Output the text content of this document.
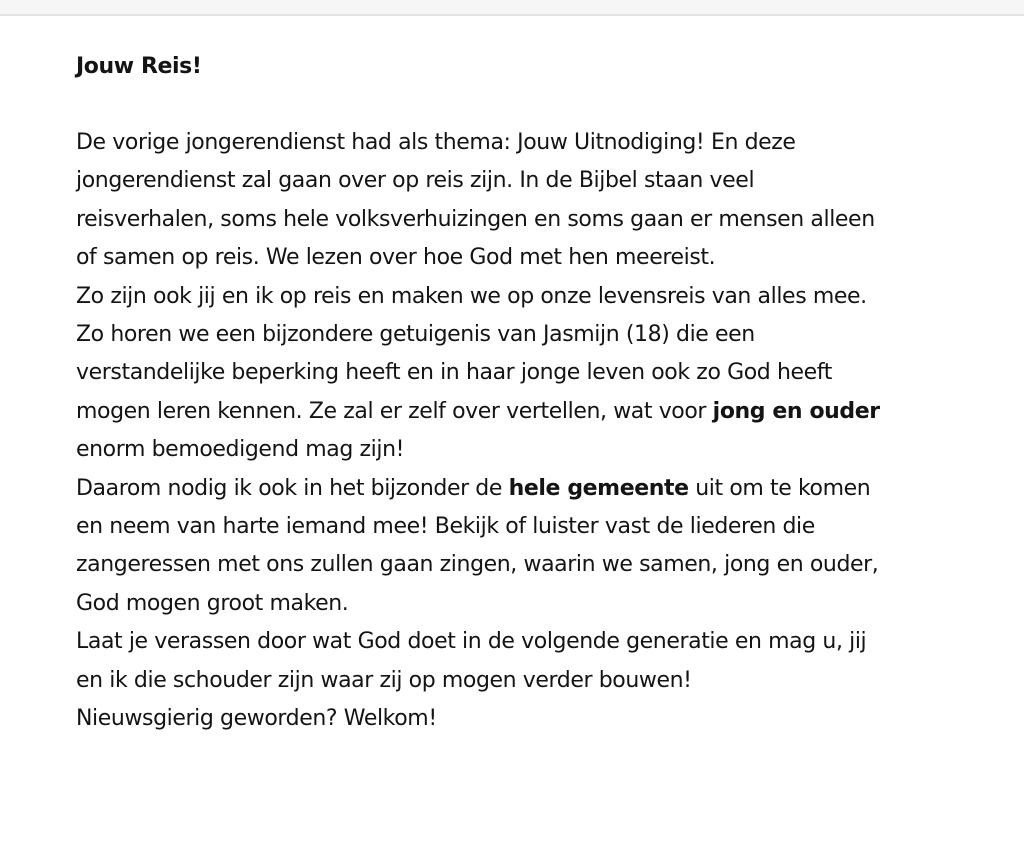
Jouw Reis!
De vorige jongerendienst had als thema: Jouw Uitnodiging! En deze
jongerendienst zal gaan over op reis zijn. In de Bijbel staan veel
reisverhalen, soms hele volksverhuizingen en soms gaan er mensen alleen
of samen op reis. We lezen over hoe God met hen meereist.
Zo zijn ook jij en ik op reis en maken we op onze levensreis van alles mee.
Zo horen we een bijzondere getuigenis van Jasmijn (18) die een
verstandelijke beperking heeft en in haar jonge leven ook zo God heeft
mogen leren kennen. Ze zal er zelf over vertellen, wat voor jong en ouder
enorm bemoedigend mag zijn!
Daarom nodig ik ook in het bijzonder de hele gemeente uit om te komen
en neem van harte iemand mee! Bekijk of luister vast de liederen die
zangeressen met ons zullen gaan zingen, waarin we samen, jong en ouder,
God mogen groot maken.
Laat je verassen door wat God doet in de volgende generatie en mag u, jij
en ik die schouder zijn waar zij op mogen verder bouwen!
Nieuwsgierig geworden? Welkom!
